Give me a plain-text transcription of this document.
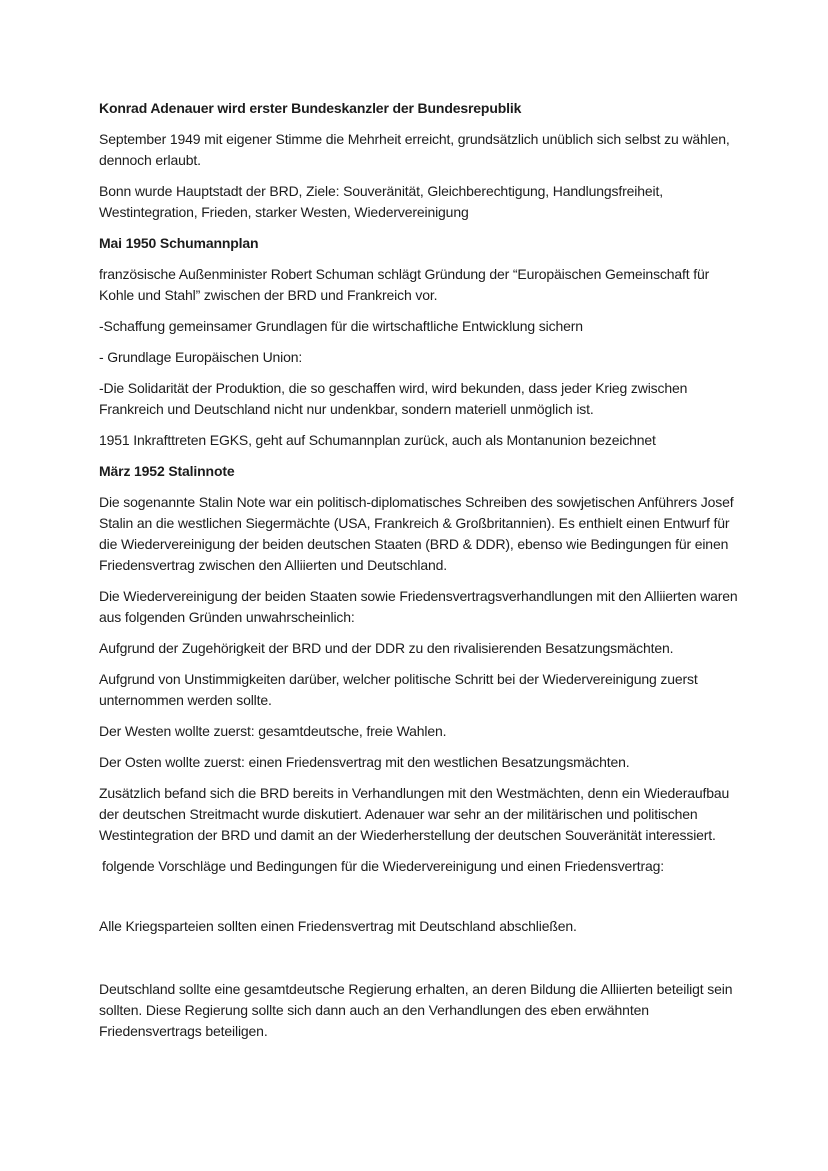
Konrad Adenauer wird erster Bundeskanzler der Bundesrepublik
September 1949 mit eigener Stimme die Mehrheit erreicht, grundsätzlich unüblich sich selbst zu wählen, dennoch erlaubt.
Bonn wurde Hauptstadt der BRD, Ziele: Souveränität, Gleichberechtigung, Handlungsfreiheit, Westintegration, Frieden, starker Westen, Wiedervereinigung
Mai 1950 Schumannplan
französische Außenminister Robert Schuman schlägt Gründung der “Europäischen Gemeinschaft für Kohle und Stahl” zwischen der BRD und Frankreich vor.
-Schaffung gemeinsamer Grundlagen für die wirtschaftliche Entwicklung sichern
- Grundlage Europäischen Union:
-Die Solidarität der Produktion, die so geschaffen wird, wird bekunden, dass jeder Krieg zwischen Frankreich und Deutschland nicht nur undenkbar, sondern materiell unmöglich ist.
1951 Inkrafttreten EGKS, geht auf Schumannplan zurück, auch als Montanunion bezeichnet
März 1952 Stalinnote
Die sogenannte Stalin Note war ein politisch-diplomatisches Schreiben des sowjetischen Anführers Josef Stalin an die westlichen Siegermächte (USA, Frankreich & Großbritannien). Es enthielt einen Entwurf für die Wiedervereinigung der beiden deutschen Staaten (BRD & DDR), ebenso wie Bedingungen für einen Friedensvertrag zwischen den Alliierten und Deutschland.
Die Wiedervereinigung der beiden Staaten sowie Friedensvertragsverhandlungen mit den Alliierten waren aus folgenden Gründen unwahrscheinlich:
Aufgrund der Zugehörigkeit der BRD und der DDR zu den rivalisierenden Besatzungsmächten.
Aufgrund von Unstimmigkeiten darüber, welcher politische Schritt bei der Wiedervereinigung zuerst unternommen werden sollte.
Der Westen wollte zuerst: gesamtdeutsche, freie Wahlen.
Der Osten wollte zuerst: einen Friedensvertrag mit den westlichen Besatzungsmächten.
Zusätzlich befand sich die BRD bereits in Verhandlungen mit den Westmächten, denn ein Wiederaufbau der deutschen Streitmacht wurde diskutiert. Adenauer war sehr an der militärischen und politischen Westintegration der BRD und damit an der Wiederherstellung der deutschen Souveränität interessiert.
folgende Vorschläge und Bedingungen für die Wiedervereinigung und einen Friedensvertrag:
Alle Kriegsparteien sollten einen Friedensvertrag mit Deutschland abschließen.
Deutschland sollte eine gesamtdeutsche Regierung erhalten, an deren Bildung die Alliierten beteiligt sein sollten. Diese Regierung sollte sich dann auch an den Verhandlungen des eben erwähnten Friedensvertrags beteiligen.
